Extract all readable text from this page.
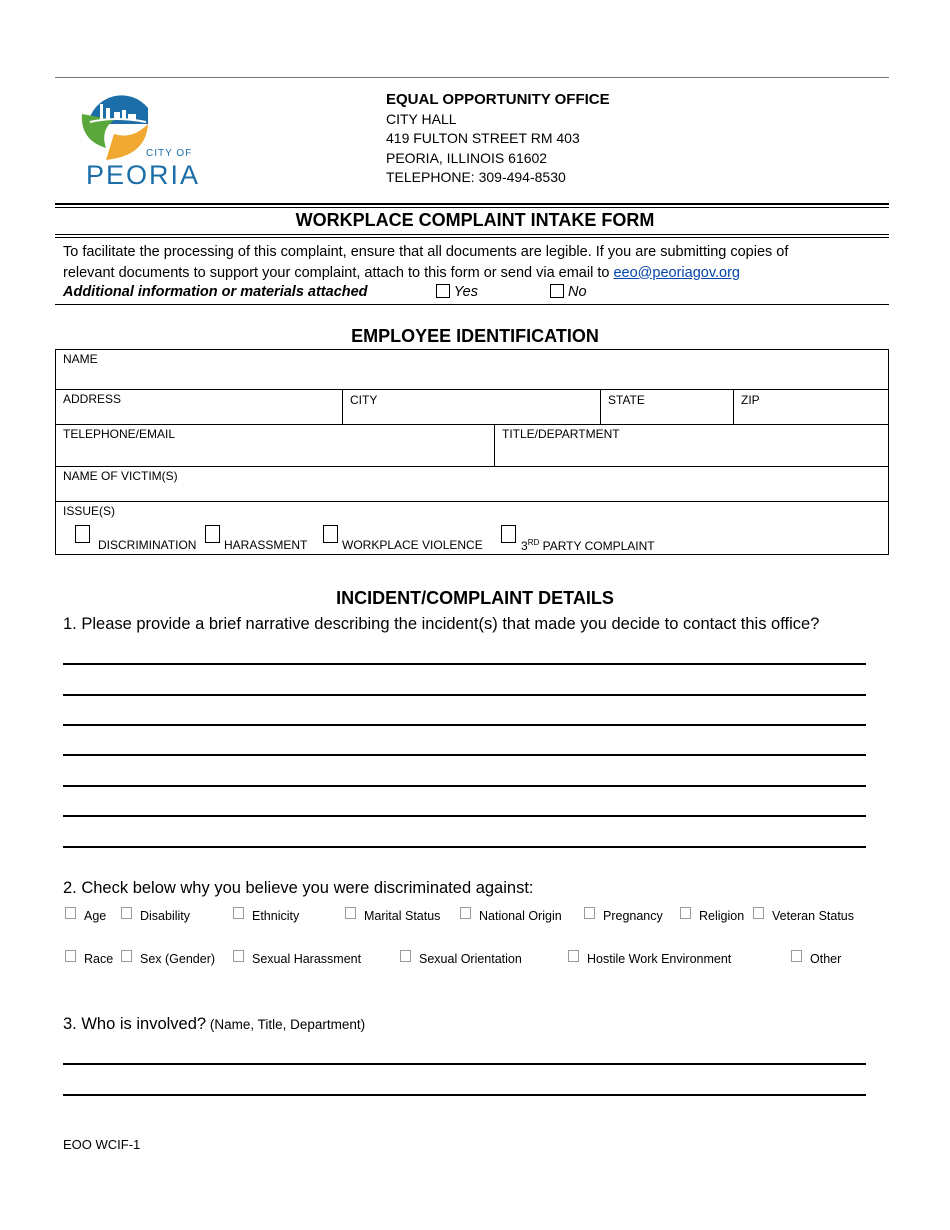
CITY OF
PEORIA
EQUAL OPPORTUNITY OFFICE
CITY HALL
419 FULTON STREET RM 403
PEORIA, ILLINOIS 61602
TELEPHONE: 309-494-8530
WORKPLACE COMPLAINT INTAKE FORM
To facilitate the processing of this complaint, ensure that all documents are legible. If you are submitting copies of
relevant documents to support your complaint, attach to this form or send via email to eeo@peoriagov.org
Additional information or materials attached	Yes	No
EMPLOYEE IDENTIFICATION
NAME
ADDRESS	CITY	STATE	ZIP
TELEPHONE/EMAIL	TITLE/DEPARTMENT
NAME OF VICTIM(S)
ISSUE(S)
DISCRIMINATION HARASSMENT	WORKPLACE VIOLENCE	3RD PARTY COMPLAINT
INCIDENT/COMPLAINT DETAILS
1. Please provide a brief narrative describing the incident(s) that made you decide to contact this office?
2. Check below why you believe you were discriminated against:
Age	Disability	Ethnicity	Marital Status	National Origin	Pregnancy	Religion Veteran Status
Race Sex (Gender)	Sexual Harassment	Sexual Orientation	Hostile Work Environment	Other
3. Who is involved? (Name, Title, Department)
EOO WCIF-1
